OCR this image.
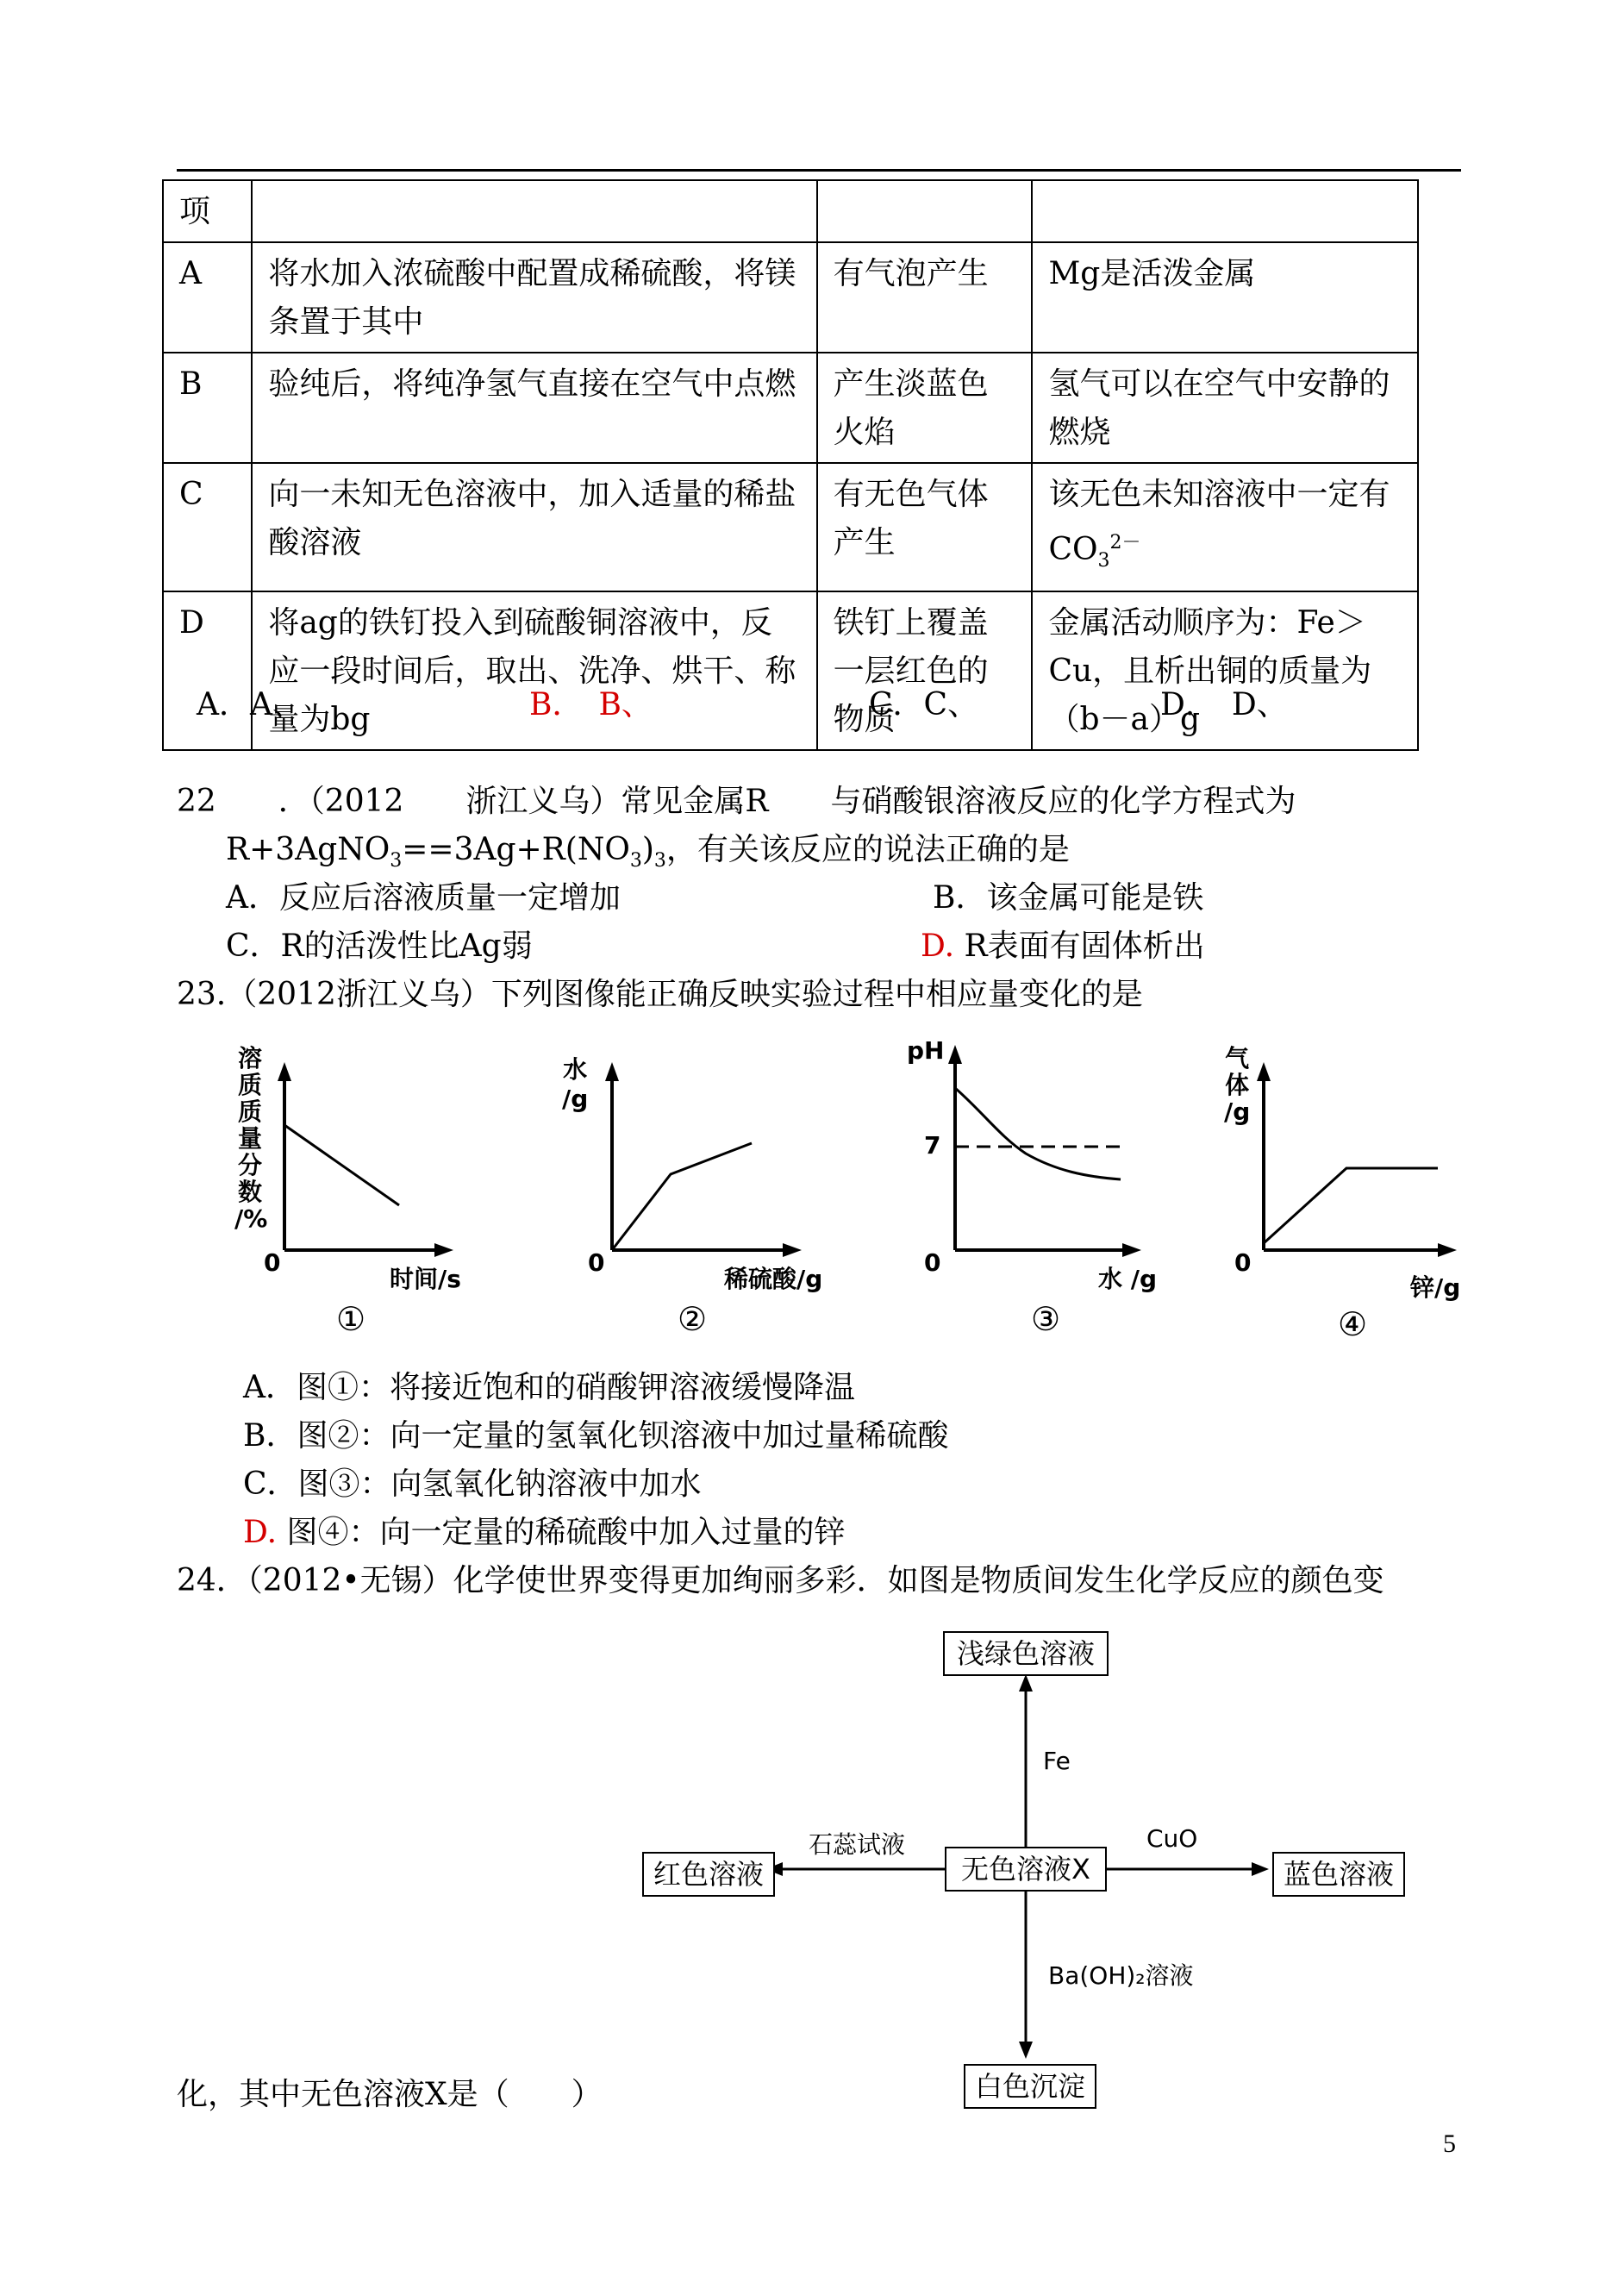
项			
A	将水加入浓硫酸中配置成稀硫酸，将镁条置于其中	有气泡产生	Mg是活泼金属
B	验纯后，将纯净氢气直接在空气中点燃	产生淡蓝色火焰	氢气可以在空气中安静的燃烧
C	向一未知无色溶液中，加入适量的稀盐酸溶液	有无色气体产生	该无色未知溶液中一定有$CO_3^{2-}$
D	将ag的铁钉投入到硫酸铜溶液中，反应一段时间后，取出、洗净、烘干、称量为bg	铁钉上覆盖一层红色的物质	金属活动顺序为：Fe＞Cu，且析出铜的质量为（b－a）g
A．A、	B．　B、	C．C、	D．　D、
22　　．（2012　　浙江义乌）常见金属R　　与硝酸银溶液反应的化学方程式为
$R+3AgNO_3==3Ag+R(NO_3)_3$，有关该反应的说法正确的是
A．反应后溶液质量一定增加	B．该金属可能是铁
C．R的活泼性比Ag弱	D. R表面有固体析出
23.（2012浙江义乌）下列图像能正确反映实验过程中相应量变化的是
溶
质
质
量
分
数
/%
0
时间/s
①
水
/g
0
稀硫酸/g
②
pH
7
0
水 /g
③
气
体
/g
0
锌/g
④
A．图①：将接近饱和的硝酸钾溶液缓慢降温
B．图②：向一定量的氢氧化钡溶液中加过量稀硫酸
C．图③：向氢氧化钠溶液中加水
D. 图④：向一定量的稀硫酸中加入过量的锌
24．（2012•无锡）化学使世界变得更加绚丽多彩．如图是物质间发生化学反应的颜色变
浅绿色溶液
无色溶液X
红色溶液	蓝色溶液
白色沉淀
Fe
石蕊试液	CuO
Ba(OH)₂溶液
化，其中无色溶液X是（　　）
5
